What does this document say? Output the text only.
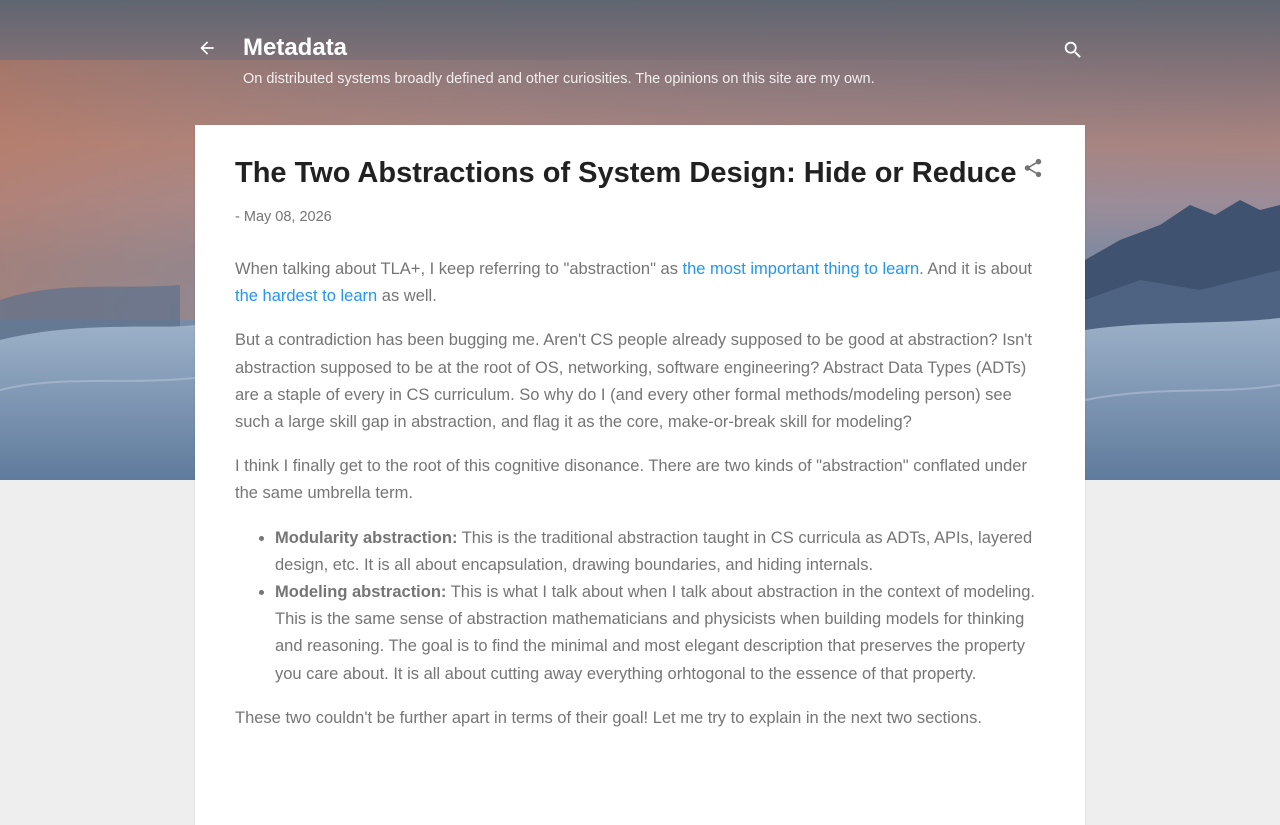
Metadata
On distributed systems broadly defined and other curiosities. The opinions on this site are my own.
The Two Abstractions of System Design: Hide or Reduce
- May 08, 2026

When talking about TLA+, I keep referring to "abstraction" as the most important thing to learn. And it is about the hardest to learn as well.

But a contradiction has been bugging me. Aren't CS people already supposed to be good at abstraction? Isn't abstraction supposed to be at the root of OS, networking, software engineering? Abstract Data Types (ADTs) are a staple of every in CS curriculum. So why do I (and every other formal methods/modeling person) see such a large skill gap in abstraction, and flag it as the core, make-or-break skill for modeling?

I think I finally get to the root of this cognitive disonance. There are two kinds of "abstraction" conflated under the same umbrella term.

• Modularity abstraction: This is the traditional abstraction taught in CS curricula as ADTs, APIs, layered design, etc. It is all about encapsulation, drawing boundaries, and hiding internals.
• Modeling abstraction: This is what I talk about when I talk about abstraction in the context of modeling. This is the same sense of abstraction mathematicians and physicists when building models for thinking and reasoning. The goal is to find the minimal and most elegant description that preserves the property you care about. It is all about cutting away everything orhtogonal to the essence of that property.

These two couldn't be further apart in terms of their goal! Let me try to explain in the next two sections.
